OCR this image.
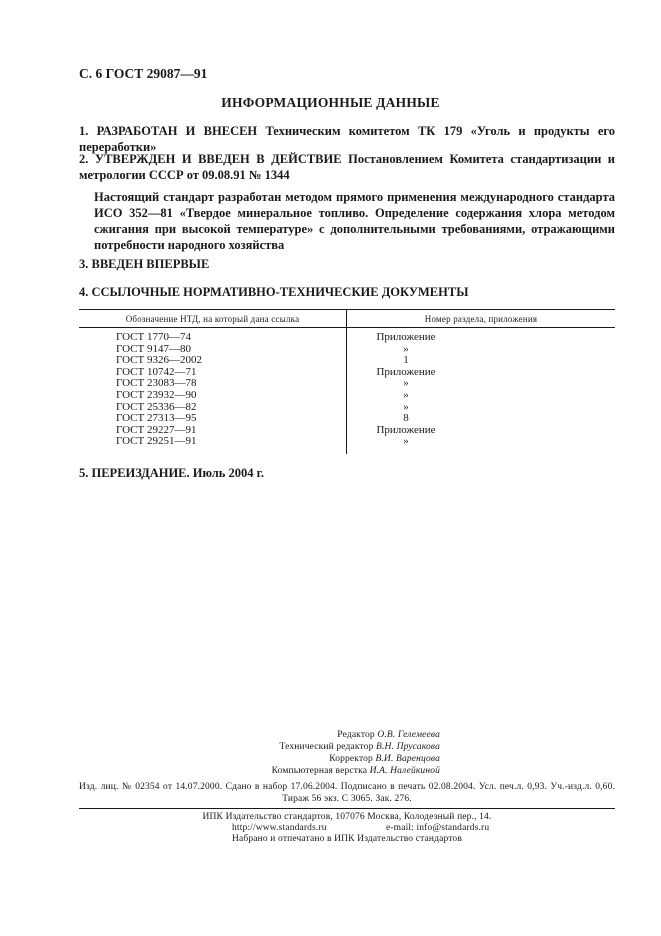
С. 6 ГОСТ 29087—91
ИНФОРМАЦИОННЫЕ ДАННЫЕ
1. РАЗРАБОТАН И ВНЕСЕН Техническим комитетом ТК 179 «Уголь и продукты его переработки»
2. УТВЕРЖДЕН И ВВЕДЕН В ДЕЙСТВИЕ Постановлением Комитета стандартизации и метрологии СССР от 09.08.91 № 1344
Настоящий стандарт разработан методом прямого применения международного стандарта ИСО 352—81 «Твердое минеральное топливо. Определение содержания хлора методом сжигания при высокой температуре» с дополнительными требованиями, отражающими потребности народного хозяйства
3. ВВЕДЕН ВПЕРВЫЕ
4. ССЫЛОЧНЫЕ НОРМАТИВНО-ТЕХНИЧЕСКИЕ ДОКУМЕНТЫ
Обозначение НТД, на который дана ссылка	Номер раздела, приложения
ГОСТ 1770—74
ГОСТ 9147—80
ГОСТ 9326—2002
ГОСТ 10742—71
ГОСТ 23083—78
ГОСТ 23932—90
ГОСТ 25336—82
ГОСТ 27313—95
ГОСТ 29227—91
ГОСТ 29251—91
Приложение
»
1
Приложение
»
»
»
8
Приложение
»
5. ПЕРЕИЗДАНИЕ. Июль 2004 г.
Редактор О.В. Гелемеева
Технический редактор В.Н. Прусакова
Корректор В.И. Варенцова
Компьютерная верстка И.А. Налейкиной
Изд. лиц. № 02354 от 14.07.2000. Сдано в набор 17.06.2004. Подписано в печать 02.08.2004. Усл. печ.л. 0,93. Уч.-изд.л. 0,60.
Тираж 56 экз. С 3065. Зак. 276.
ИПК Издательство стандартов, 107076 Москва, Колодезный пер., 14.
http://www.standards.ru	e-mail: info@standards.ru
Набрано и отпечатано в ИПК Издательство стандартов
